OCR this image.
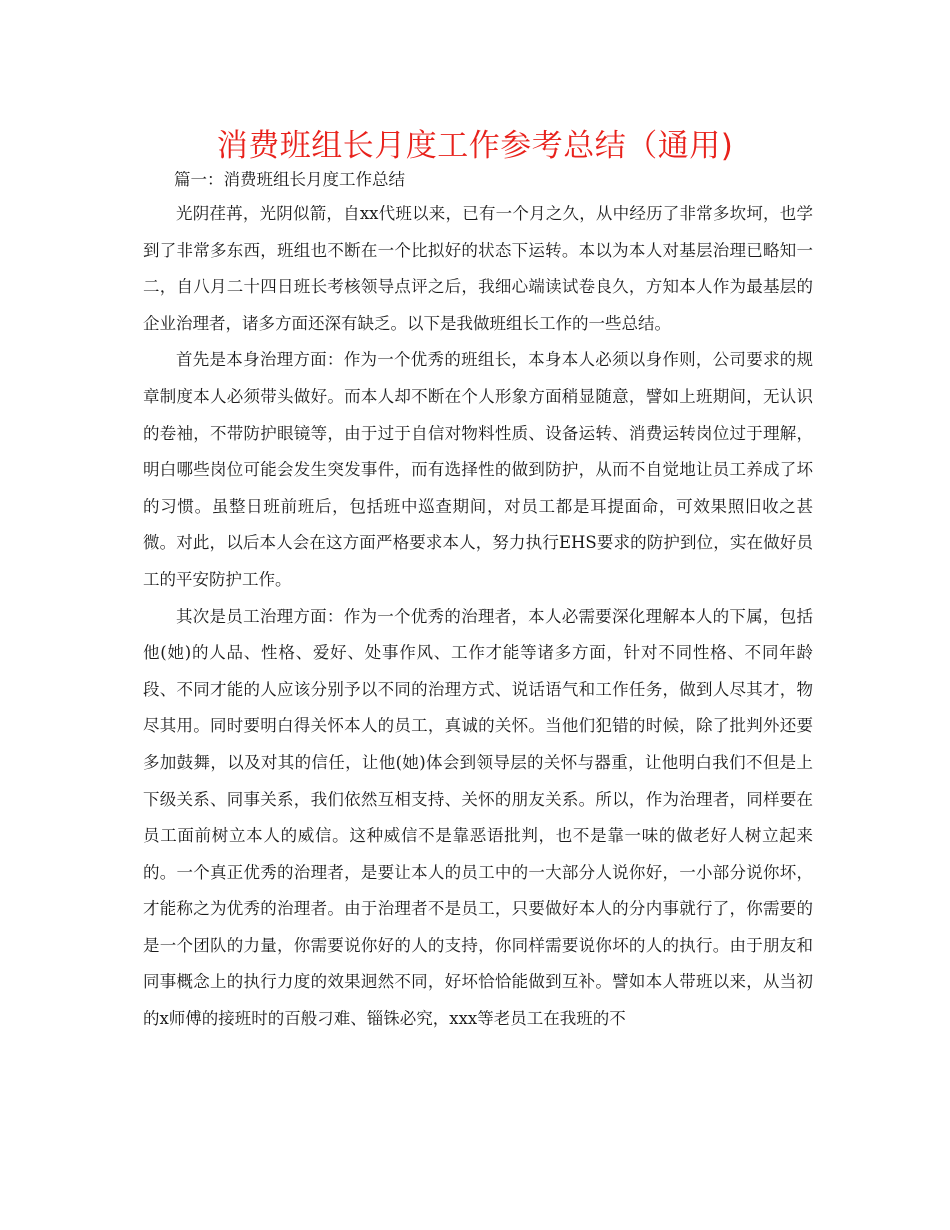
消费班组长月度工作参考总结（通用)
篇一：消费班组长月度工作总结

光阴荏苒，光阴似箭，自xx代班以来，已有一个月之久，从中经历了非常多坎坷，也学到了非常多东西，班组也不断在一个比拟好的状态下运转。本以为本人对基层治理已略知一二，自八月二十四日班长考核领导点评之后，我细心端读试卷良久，方知本人作为最基层的企业治理者，诸多方面还深有缺乏。以下是我做班组长工作的一些总结。

首先是本身治理方面：作为一个优秀的班组长，本身本人必须以身作则，公司要求的规章制度本人必须带头做好。而本人却不断在个人形象方面稍显随意，譬如上班期间，无认识的卷袖，不带防护眼镜等，由于过于自信对物料性质、设备运转、消费运转岗位过于理解，明白哪些岗位可能会发生突发事件，而有选择性的做到防护，从而不自觉地让员工养成了坏的习惯。虽整日班前班后，包括班中巡查期间，对员工都是耳提面命，可效果照旧收之甚微。对此，以后本人会在这方面严格要求本人，努力执行EHS要求的防护到位，实在做好员工的平安防护工作。

其次是员工治理方面：作为一个优秀的治理者，本人必需要深化理解本人的下属，包括他(她)的人品、性格、爱好、处事作风、工作才能等诸多方面，针对不同性格、不同年龄段、不同才能的人应该分别予以不同的治理方式、说话语气和工作任务，做到人尽其才，物尽其用。同时要明白得关怀本人的员工，真诚的关怀。当他们犯错的时候，除了批判外还要多加鼓舞，以及对其的信任，让他(她)体会到领导层的关怀与器重，让他明白我们不但是上下级关系、同事关系，我们依然互相支持、关怀的朋友关系。所以，作为治理者，同样要在员工面前树立本人的威信。这种威信不是靠恶语批判，也不是靠一味的做老好人树立起来的。一个真正优秀的治理者，是要让本人的员工中的一大部分人说你好，一小部分说你坏，才能称之为优秀的治理者。由于治理者不是员工，只要做好本人的分内事就行了，你需要的是一个团队的力量，你需要说你好的人的支持，你同样需要说你坏的人的执行。由于朋友和同事概念上的执行力度的效果迥然不同，好坏恰恰能做到互补。譬如本人带班以来，从当初的x师傅的接班时的百般刁难、锱铢必究，xxx等老员工在我班的不
